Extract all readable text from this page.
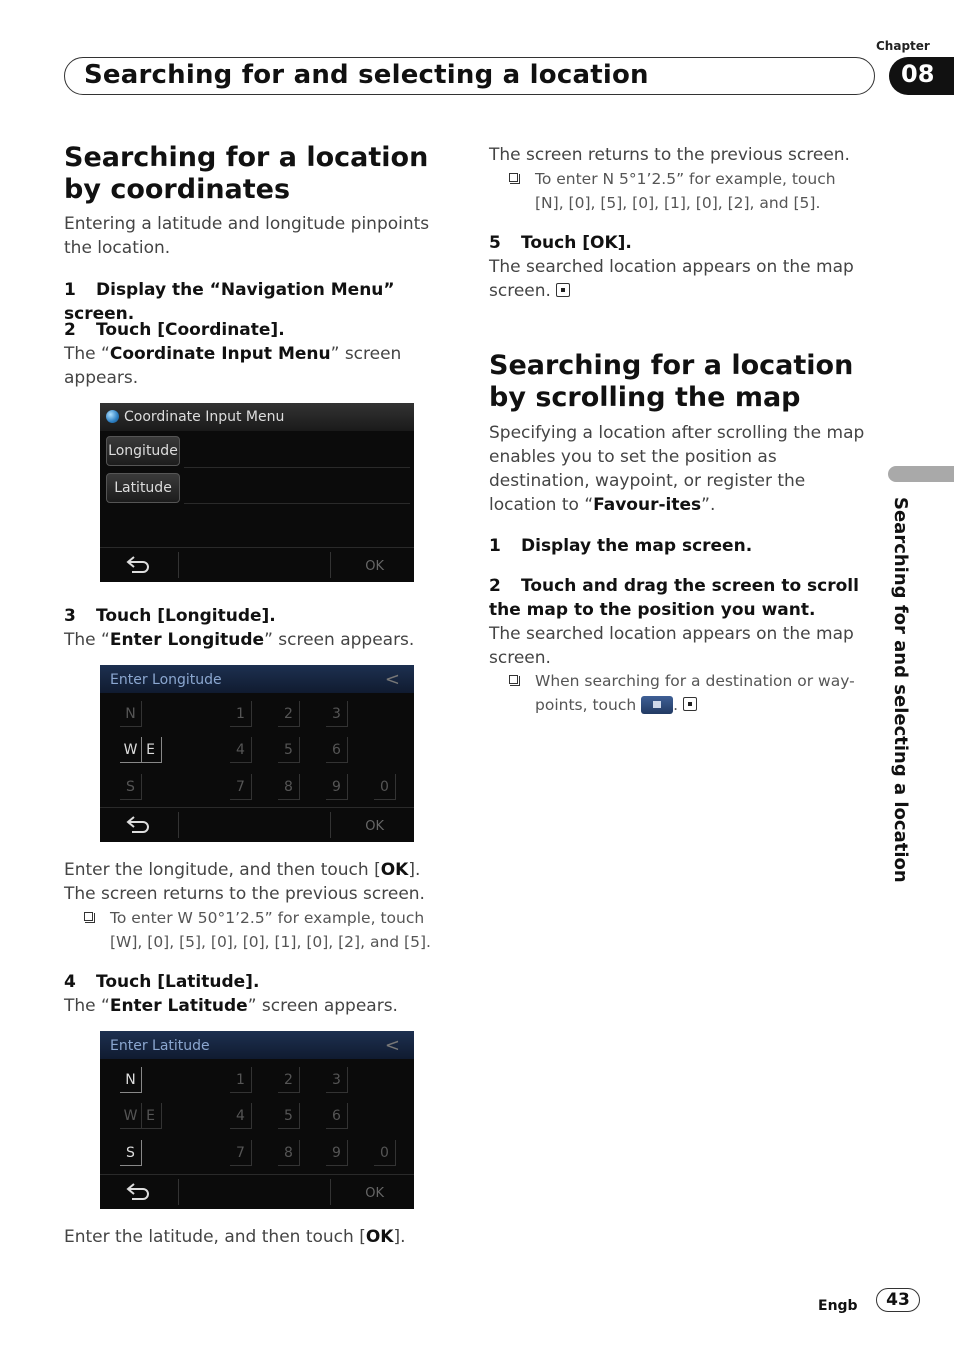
Chapter
Searching for and selecting a location	08
Searching for and selecting a location
Searching for a location by coordinates
Entering a latitude and longitude pinpoints the location.
1 Display the “Navigation Menu” screen.
2 Touch [Coordinate].
The “Coordinate Input Menu” screen appears.
Coordinate Input Menu
Longitude
Latitude
OK
3 Touch [Longitude].
The “Enter Longitude” screen appears.
Enter Longitude	<
N	1	2	3
W E	4	5	6
S	7	8	9	0
OK
Enter the longitude, and then touch [OK].
The screen returns to the previous screen.
To enter W 50°1’2.5” for example, touch [W], [0], [5], [0], [0], [1], [0], [2], and [5].
4 Touch [Latitude].
The “Enter Latitude” screen appears.
Enter Latitude	<
N	1	2	3
W E	4	5	6
S	7	8	9	0
OK
Enter the latitude, and then touch [OK].
The screen returns to the previous screen.
To enter N 5°1’2.5” for example, touch [N], [0], [5], [0], [1], [0], [2], and [5].
5 Touch [OK].
The searched location appears on the map screen.
Searching for a location by scrolling the map
Specifying a location after scrolling the map enables you to set the position as destination, waypoint, or register the location to “Favour-ites”.
1 Display the map screen.
2 Touch and drag the screen to scroll the map to the position you want.
The searched location appears on the map screen.
When searching for a destination or way-points, touch .
Engb	43
